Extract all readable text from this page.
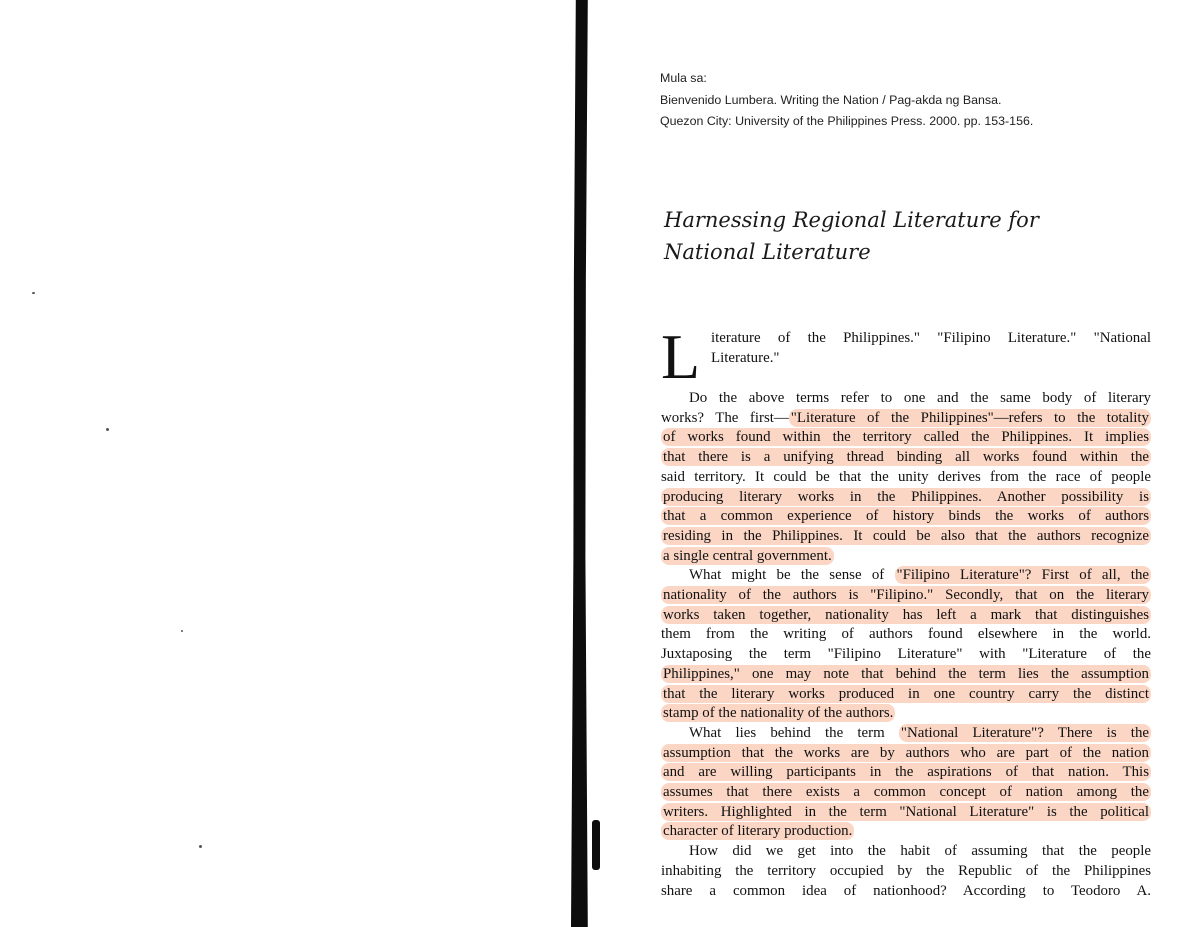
Mula sa:
Bienvenido Lumbera. Writing the Nation / Pag-akda ng Bansa.
Quezon City: University of the Philippines Press. 2000. pp. 153-156.
Harnessing Regional Literature for
National Literature
L iterature of the Philippines." "Filipino Literature." "National
Literature."
Do the above terms refer to one and the same body of literary
works? The first— "Literature of the Philippines"—refers to the totality
of works found within the territory called the Philippines. It implies
that there is a unifying thread binding all works found within the
said territory. It could be that the unity derives from the race of people
producing literary works in the Philippines. Another possibility is
that a common experience of history binds the works of authors
residing in the Philippines. It could be also that the authors recognize
a single central government.
What might be the sense of "Filipino Literature"? First of all, the
nationality of the authors is "Filipino." Secondly, that on the literary
works taken together, nationality has left a mark that distinguishes
them from the writing of authors found elsewhere in the world.
Juxtaposing the term "Filipino Literature" with "Literature of the
Philippines," one may note that behind the term lies the assumption
that the literary works produced in one country carry the distinct
stamp of the nationality of the authors.
What lies behind the term "National Literature"? There is the
assumption that the works are by authors who are part of the nation
and are willing participants in the aspirations of that nation. This
assumes that there exists a common concept of nation among the
writers. Highlighted in the term "National Literature" is the political
character of literary production.
How did we get into the habit of assuming that the people
inhabiting the territory occupied by the Republic of the Philippines
share a common idea of nationhood? According to Teodoro A.
